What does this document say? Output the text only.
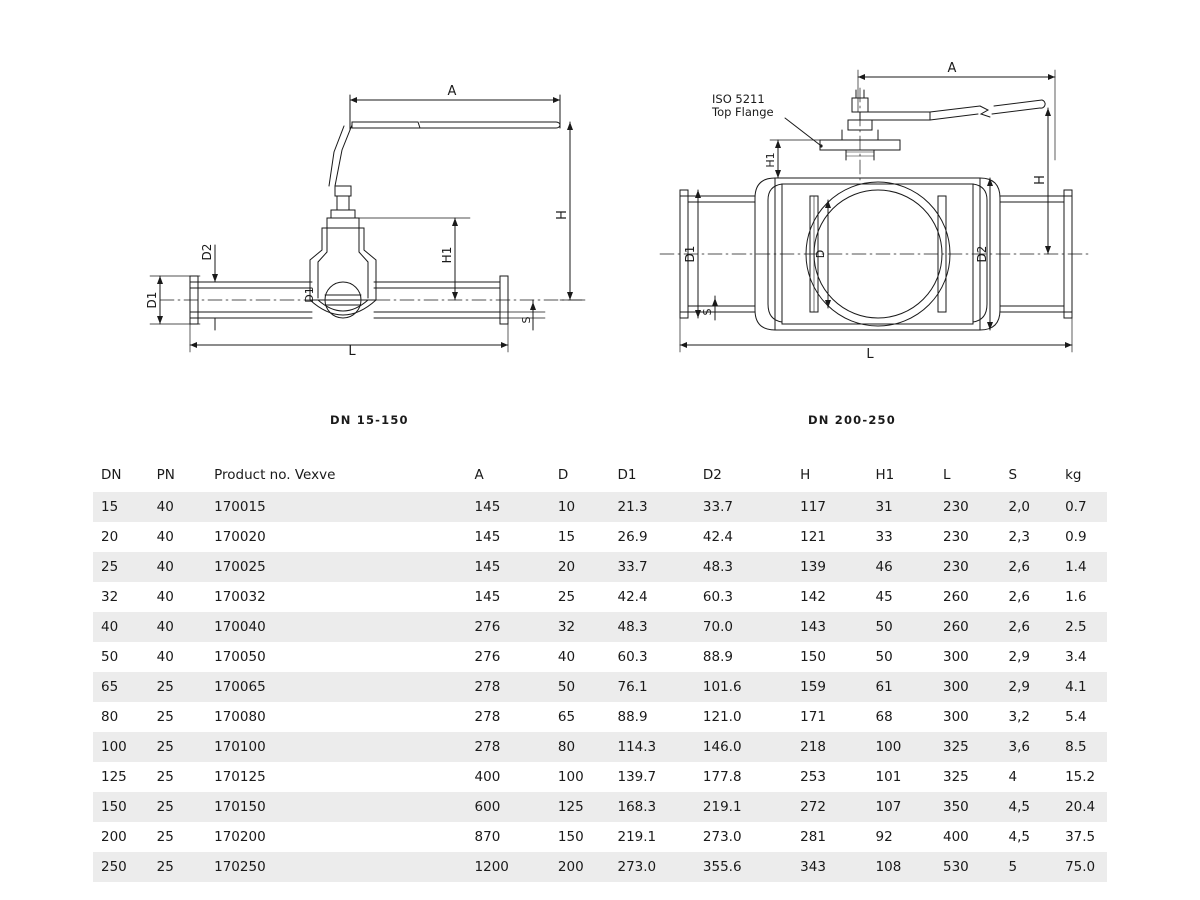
A
H
H1
D2
D1	D1
L
S
A
H
H1
D1	D2
D
S
L
ISO 5211
Top Flange
DN 15-150	DN 200-250
DN	PN	Product no. Vexve	A	D	D1	D2	H	H1	L	S	kg
15	40	170015	145	10	21.3	33.7	117	31	230	2,0	0.7
20	40	170020	145	15	26.9	42.4	121	33	230	2,3	0.9
25	40	170025	145	20	33.7	48.3	139	46	230	2,6	1.4
32	40	170032	145	25	42.4	60.3	142	45	260	2,6	1.6
40	40	170040	276	32	48.3	70.0	143	50	260	2,6	2.5
50	40	170050	276	40	60.3	88.9	150	50	300	2,9	3.4
65	25	170065	278	50	76.1	101.6	159	61	300	2,9	4.1
80	25	170080	278	65	88.9	121.0	171	68	300	3,2	5.4
100	25	170100	278	80	114.3	146.0	218	100	325	3,6	8.5
125	25	170125	400	100	139.7	177.8	253	101	325	4	15.2
150	25	170150	600	125	168.3	219.1	272	107	350	4,5	20.4
200	25	170200	870	150	219.1	273.0	281	92	400	4,5	37.5
250	25	170250	1200	200	273.0	355.6	343	108	530	5	75.0
